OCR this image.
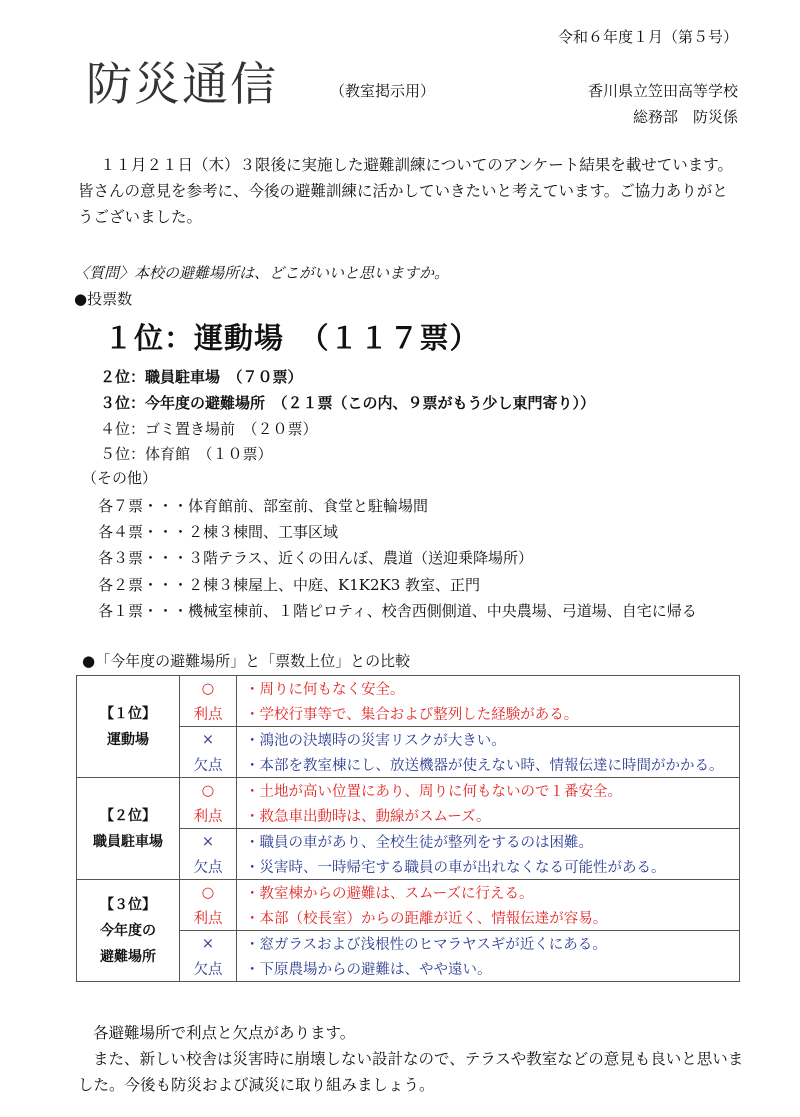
令和６年度１月（第５号）
防災通信	（教室掲示用）	香川県立笠田高等学校
総務部　防災係
１１月２１日（木）３限後に実施した避難訓練についてのアンケート結果を載せています。皆さんの意見を参考に、今後の避難訓練に活かしていきたいと考えています。ご協力ありがとうございました。
〈質問〉本校の避難場所は、どこがいいと思いますか。
●投票数
１位：運動場　（１１７票）
２位：職員駐車場　（７０票）
３位：今年度の避難場所　（２１票（この内、９票がもう少し東門寄り））
４位：ゴミ置き場前　（２０票）
５位：体育館　（１０票）
（その他）
各７票・・・体育館前、部室前、食堂と駐輪場間
各４票・・・２棟３棟間、工事区域
各３票・・・３階テラス、近くの田んぼ、農道（送迎乗降場所）
各２票・・・２棟３棟屋上、中庭、K1K2K3 教室、正門
各１票・・・機械室棟前、１階ピロティ、校舎西側側道、中央農場、弓道場、自宅に帰る
●「今年度の避難場所」と「票数上位」との比較
【１位】
運動場	○	・周りに何もなく安全。
	利点	・学校行事等で、集合および整列した経験がある。
	×	・鴻池の決壊時の災害リスクが大きい。
	欠点	・本部を教室棟にし、放送機器が使えない時、情報伝達に時間がかかる。

【２位】
職員駐車場	○	・土地が高い位置にあり、周りに何もないので１番安全。
	利点	・救急車出動時は、動線がスムーズ。
	×	・職員の車があり、全校生徒が整列をするのは困難。
	欠点	・災害時、一時帰宅する職員の車が出れなくなる可能性がある。

【３位】
今年度の
避難場所	○	・教室棟からの避難は、スムーズに行える。
	利点	・本部（校長室）からの距離が近く、情報伝達が容易。
	×	・窓ガラスおよび浅根性のヒマラヤスギが近くにある。
	欠点	・下原農場からの避難は、やや遠い。

各避難場所で利点と欠点があります。

また、新しい校舎は災害時に崩壊しない設計なので、テラスや教室などの意見も良いと思いました。今後も防災および減災に取り組みましょう。
